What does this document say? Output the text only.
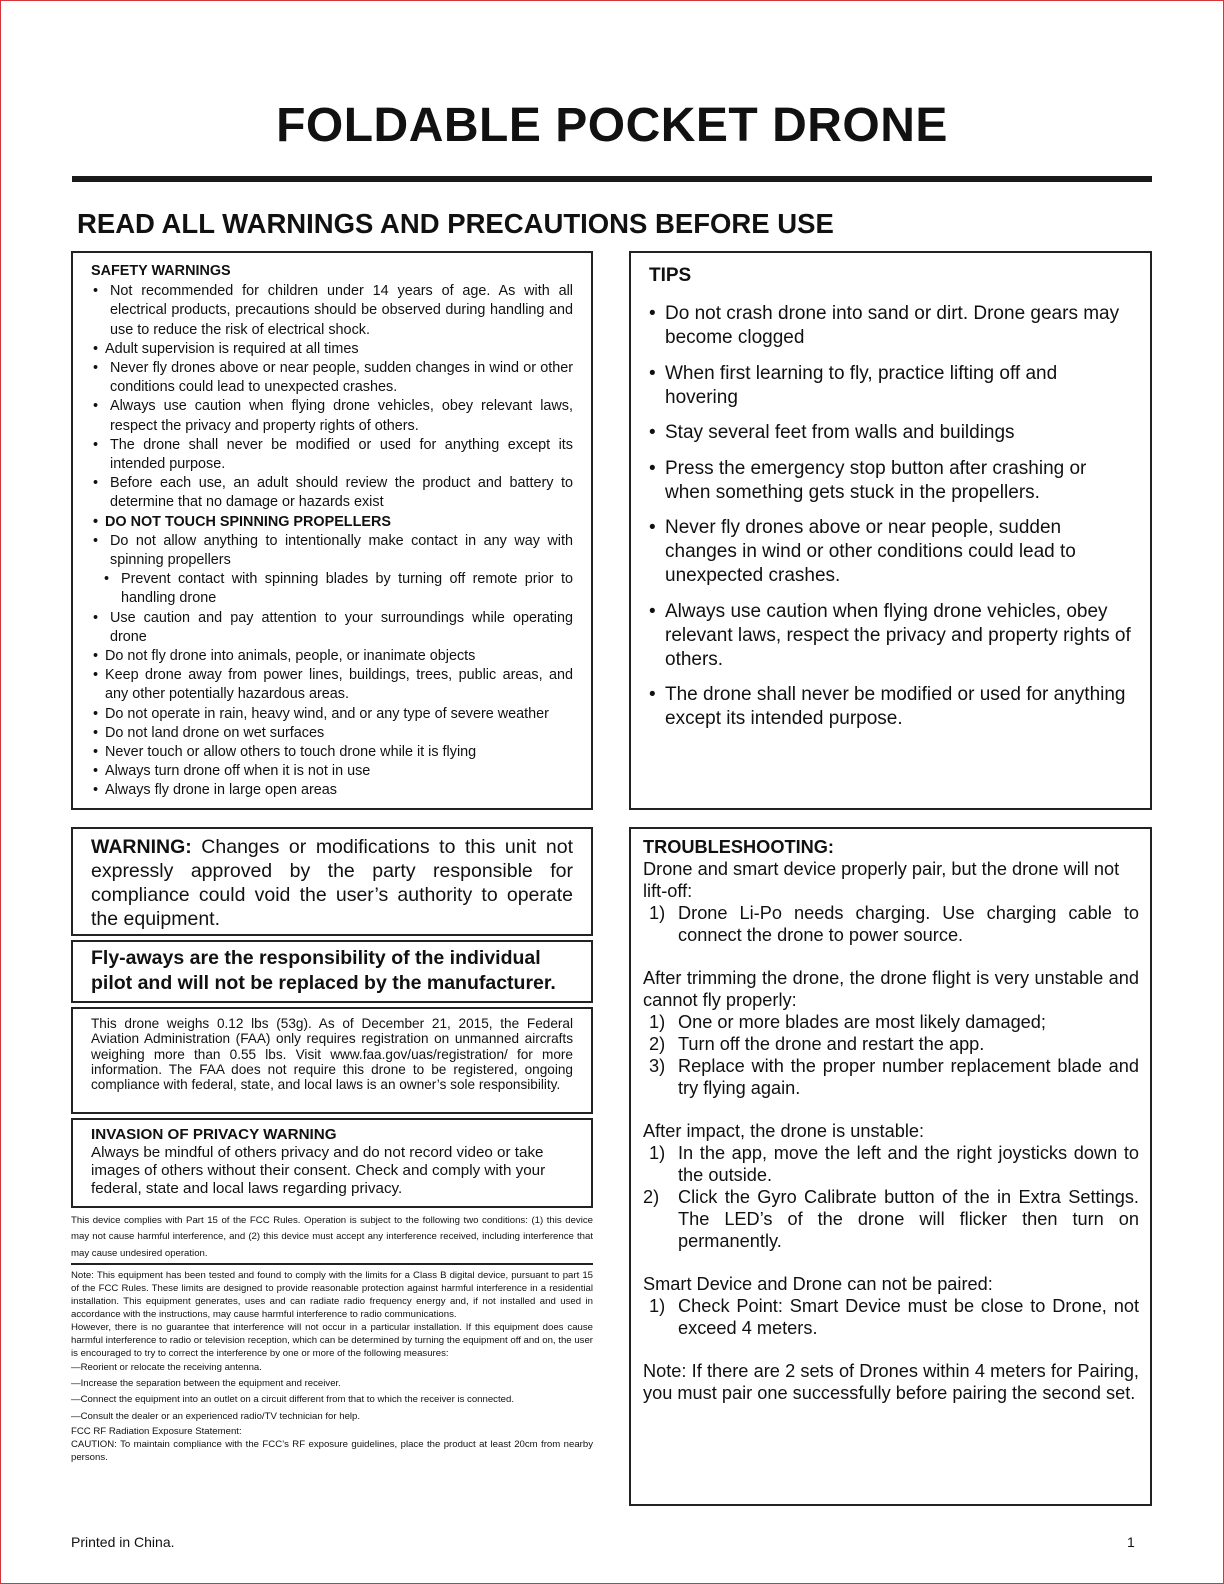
FOLDABLE POCKET DRONE
READ ALL WARNINGS AND PRECAUTIONS BEFORE USE
SAFETY WARNINGS
• Not recommended for children under 14 years of age. As with all electrical products, precautions should be observed during handling and use to reduce the risk of electrical shock.
• Adult supervision is required at all times
• Never fly drones above or near people, sudden changes in wind or other conditions could lead to unexpected crashes.
• Always use caution when flying drone vehicles, obey relevant laws, respect the privacy and property rights of others.
• The drone shall never be modified or used for anything except its intended purpose.
• Before each use, an adult should review the product and battery to determine that no damage or hazards exist
• DO NOT TOUCH SPINNING PROPELLERS
• Do not allow anything to intentionally make contact in any way with spinning propellers
• Prevent contact with spinning blades by turning off remote prior to handling drone
• Use caution and pay attention to your surroundings while operating drone
• Do not fly drone into animals, people, or inanimate objects
• Keep drone away from power lines, buildings, trees, public areas, and any other potentially hazardous areas.
• Do not operate in rain, heavy wind, and or any type of severe weather
• Do not land drone on wet surfaces
• Never touch or allow others to touch drone while it is flying
• Always turn drone off when it is not in use
• Always fly drone in large open areas
TIPS
• Do not crash drone into sand or dirt. Drone gears may become clogged
• When first learning to fly, practice lifting off and hovering
• Stay several feet from walls and buildings
• Press the emergency stop button after crashing or when something gets stuck in the propellers.
• Never fly drones above or near people, sudden changes in wind or other conditions could lead to unexpected crashes.
• Always use caution when flying drone vehicles, obey relevant laws, respect the privacy and property rights of others.
• The drone shall never be modified or used for anything except its intended purpose.
WARNING: Changes or modifications to this unit not expressly approved by the party responsible for compliance could void the user’s authority to operate the equipment.
Fly-aways are the responsibility of the individual pilot and will not be replaced by the manufacturer.
This drone weighs 0.12 lbs (53g). As of December 21, 2015, the Federal Aviation Administration (FAA) only requires registration on unmanned aircrafts weighing more than 0.55 lbs. Visit www.faa.gov/uas/registration/ for more information. The FAA does not require this drone to be registered, ongoing compliance with federal, state, and local laws is an owner’s sole responsibility.
INVASION OF PRIVACY WARNING
Always be mindful of others privacy and do not record video or take images of others without their consent. Check and comply with your federal, state and local laws regarding privacy.

This device complies with Part 15 of the FCC Rules. Operation is subject to the following two conditions: (1) this device may not cause harmful interference, and (2) this device must accept any interference received, including interference that may cause undesired operation.

Note: This equipment has been tested and found to comply with the limits for a Class B digital device, pursuant to part 15 of the FCC Rules. These limits are designed to provide reasonable protection against harmful interference in a residential installation. This equipment generates, uses and can radiate radio frequency energy and, if not installed and used in accordance with the instructions, may cause harmful interference to radio communications.

However, there is no guarantee that interference will not occur in a particular installation. If this equipment does cause harmful interference to radio or television reception, which can be determined by turning the equipment off and on, the user is encouraged to try to correct the interference by one or more of the following measures:

—Reorient or relocate the receiving antenna.

—Increase the separation between the equipment and receiver.

—Connect the equipment into an outlet on a circuit different from that to which the receiver is connected.

—Consult the dealer or an experienced radio/TV technician for help.

FCC RF Radiation Exposure Statement:

CAUTION: To maintain compliance with the FCC’s RF exposure guidelines, place the product at least 20cm from nearby persons.

TROUBLESHOOTING:

Drone and smart device properly pair, but the drone will not lift-off:

1) Drone Li-Po needs charging. Use charging cable to connect the drone to power source.

After trimming the drone, the drone flight is very unstable and cannot fly properly:

1) One or more blades are most likely damaged;
2) Turn off the drone and restart the app.
3) Replace with the proper number replacement blade and try flying again.

After impact, the drone is unstable:

1) In the app, move the left and the right joysticks down to the outside.
2)	Click the Gyro Calibrate button of the in Extra Settings. The LED’s of the drone will flicker then turn on permanently.

Smart Device and Drone can not be paired:

1) Check Point: Smart Device must be close to Drone, not exceed 4 meters.

Note: If there are 2 sets of Drones within 4 meters for Pairing, you must pair one successfully before pairing the second set.

Printed in China.	1
